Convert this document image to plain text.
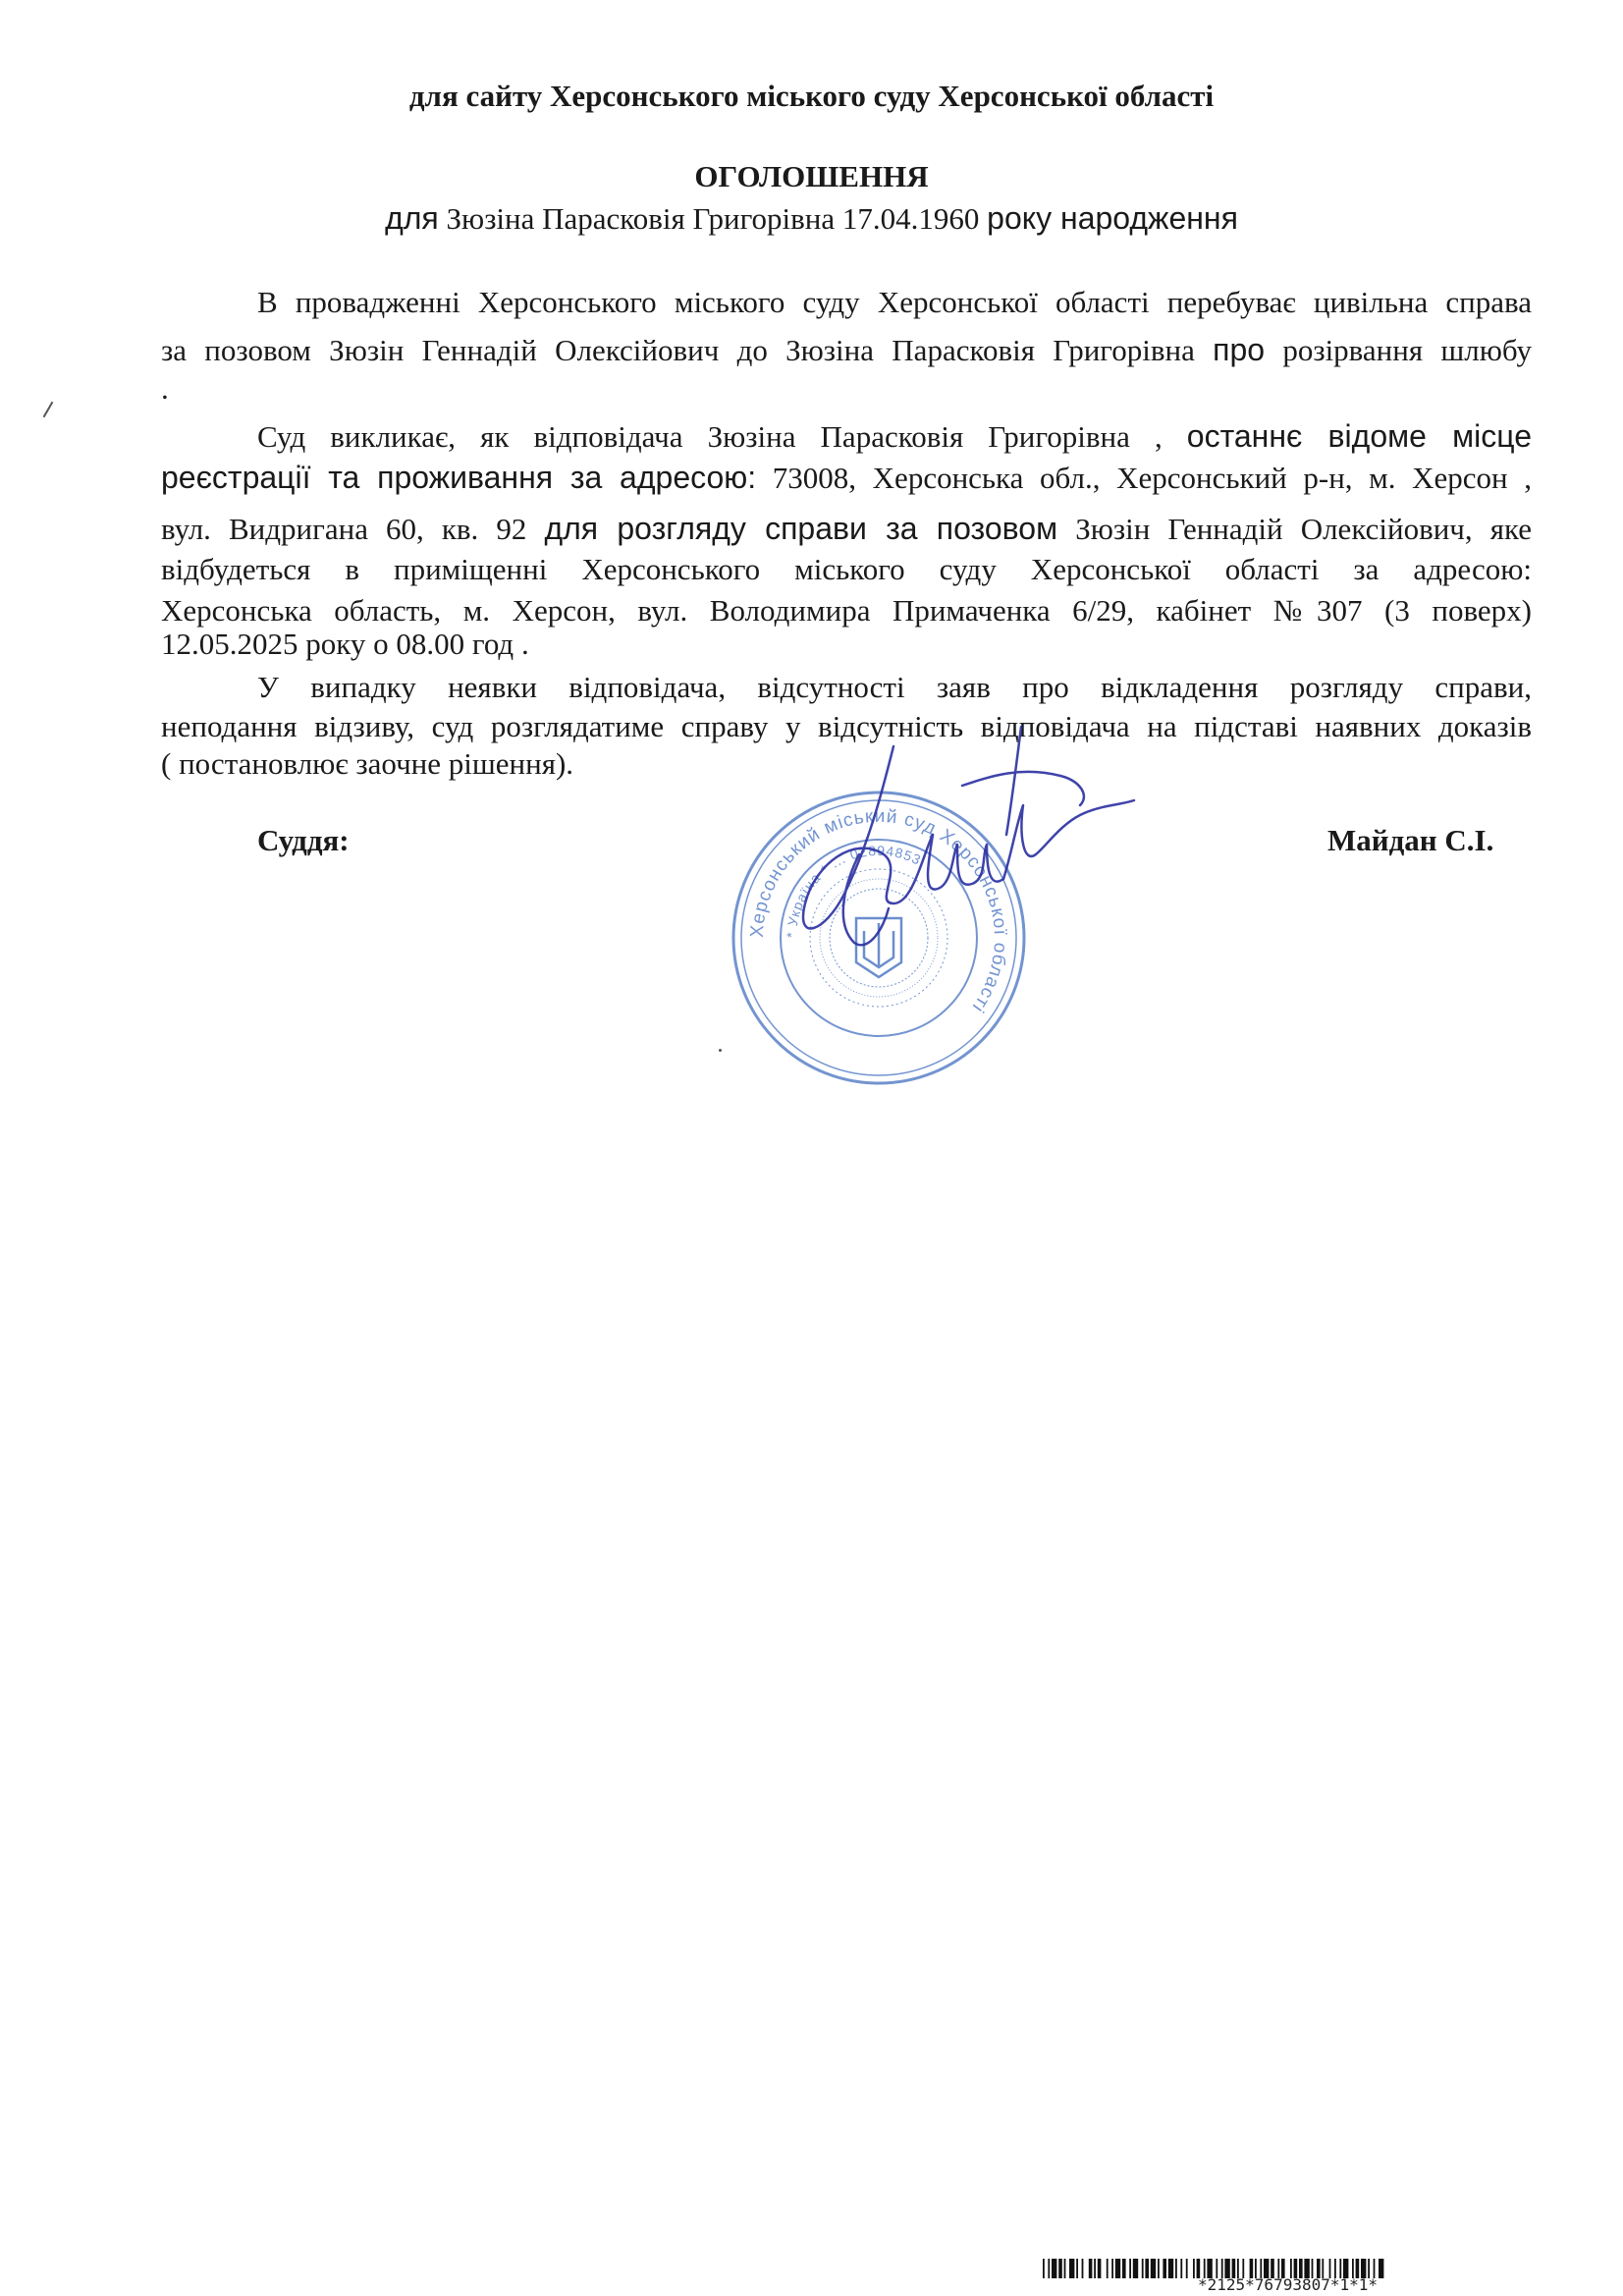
для сайту Херсонського міського суду Херсонської області
ОГОЛОШЕННЯ
для Зюзіна Парасковія Григорівна 17.04.1960 року народження
В провадженні Херсонського міського суду Херсонської області перебуває цивільна справа
за позовом Зюзін Геннадій Олексійович до Зюзіна Парасковія Григорівна про розірвання шлюбу
.
Суд викликає, як відповідача Зюзіна Парасковія Григорівна , останнє відоме місце
реєстрації та проживання за адресою: 73008, Херсонська обл., Херсонський р-н, м. Херсон ,
вул. Видригана 60, кв. 92 для розгляду справи за позовом Зюзін Геннадій Олексійович, яке
відбудеться в приміщенні Херсонського міського суду Херсонської області за адресою:
Херсонська область, м. Херсон, вул. Володимира Примаченка 6/29, кабінет №307 (3 поверх)
12.05.2025 року о 08.00 год .
У випадку неявки відповідача, відсутності заяв про відкладення розгляду справи,
неподання відзиву, суд розглядатиме справу у відсутність відповідача на підставі наявних доказів
( постановлює заочне рішення).
Суддя:	Майдан С.І.
Херсонський міський суд Херсонської області
* Україна * ... 02894853
*2125*76793807*1*1*
